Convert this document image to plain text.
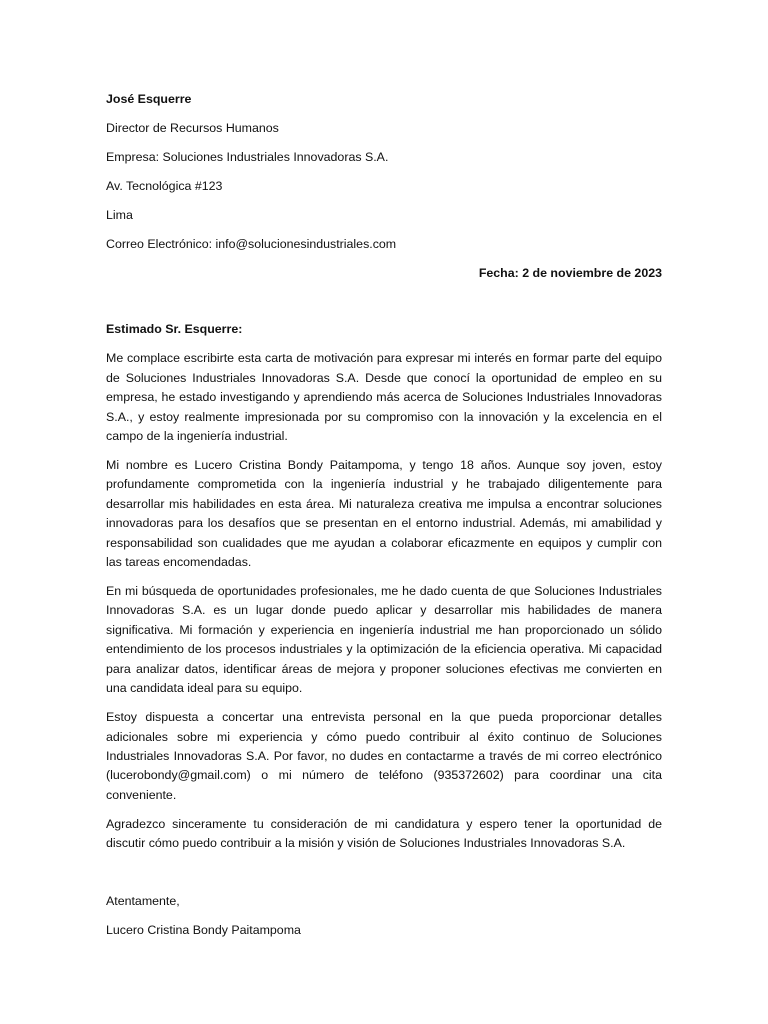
José Esquerre

Director de Recursos Humanos

Empresa: Soluciones Industriales Innovadoras S.A.

Av. Tecnológica #123

Lima

Correo Electrónico: info@solucionesindustriales.com

Fecha: 2 de noviembre de 2023

Estimado Sr. Esquerre:

Me complace escribirte esta carta de motivación para expresar mi interés en formar parte del equipo de Soluciones Industriales Innovadoras S.A. Desde que conocí la oportunidad de empleo en su empresa, he estado investigando y aprendiendo más acerca de Soluciones Industriales Innovadoras S.A., y estoy realmente impresionada por su compromiso con la innovación y la excelencia en el campo de la ingeniería industrial.

Mi nombre es Lucero Cristina Bondy Paitampoma, y tengo 18 años. Aunque soy joven, estoy profundamente comprometida con la ingeniería industrial y he trabajado diligentemente para desarrollar mis habilidades en esta área. Mi naturaleza creativa me impulsa a encontrar soluciones innovadoras para los desafíos que se presentan en el entorno industrial. Además, mi amabilidad y responsabilidad son cualidades que me ayudan a colaborar eficazmente en equipos y cumplir con las tareas encomendadas.

En mi búsqueda de oportunidades profesionales, me he dado cuenta de que Soluciones Industriales Innovadoras S.A. es un lugar donde puedo aplicar y desarrollar mis habilidades de manera significativa. Mi formación y experiencia en ingeniería industrial me han proporcionado un sólido entendimiento de los procesos industriales y la optimización de la eficiencia operativa. Mi capacidad para analizar datos, identificar áreas de mejora y proponer soluciones efectivas me convierten en una candidata ideal para su equipo.

Estoy dispuesta a concertar una entrevista personal en la que pueda proporcionar detalles adicionales sobre mi experiencia y cómo puedo contribuir al éxito continuo de Soluciones Industriales Innovadoras S.A. Por favor, no dudes en contactarme a través de mi correo electrónico (lucerobondy@gmail.com) o mi número de teléfono (935372602) para coordinar una cita conveniente.

Agradezco sinceramente tu consideración de mi candidatura y espero tener la oportunidad de discutir cómo puedo contribuir a la misión y visión de Soluciones Industriales Innovadoras S.A.

Atentamente,

Lucero Cristina Bondy Paitampoma
